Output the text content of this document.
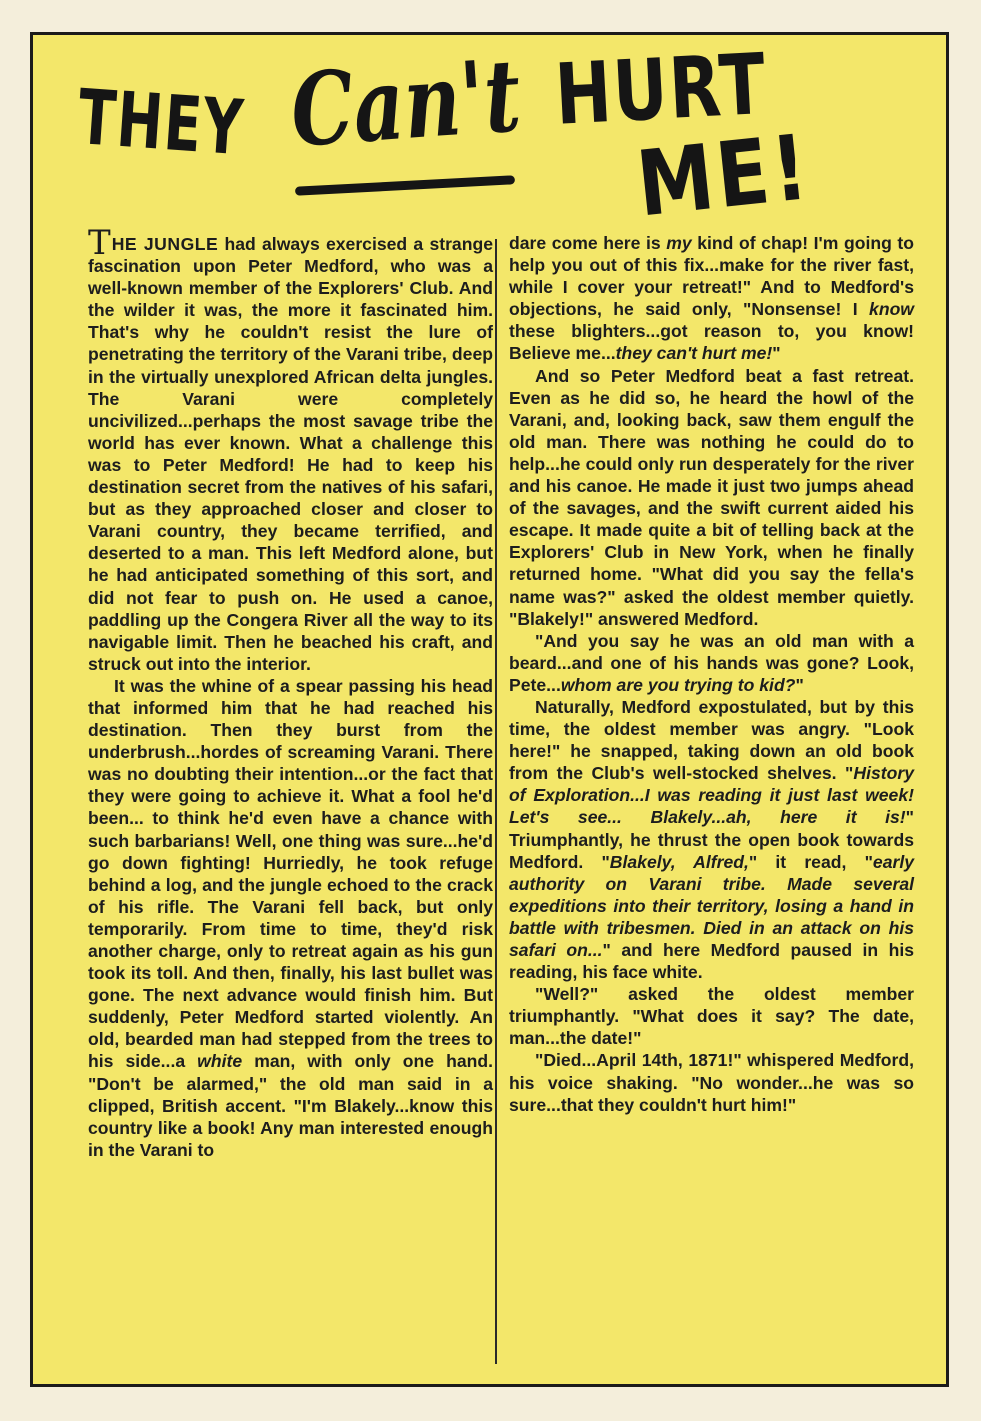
THEY Can't HURT
ME!

THE JUNGLE had always exercised a strange fascination upon Peter Medford, who was a well-known member of the Explorers' Club. And the wilder it was, the more it fascinated him. That's why he couldn't resist the lure of penetrating the territory of the Varani tribe, deep in the virtually unexplored African delta jungles. The Varani were completely uncivilized...perhaps the most savage tribe the world has ever known. What a challenge this was to Peter Medford! He had to keep his destination secret from the natives of his safari, but as they approached closer and closer to Varani country, they became terrified, and deserted to a man. This left Medford alone, but he had anticipated something of this sort, and did not fear to push on. He used a canoe, paddling up the Congera River all the way to its navigable limit. Then he beached his craft, and struck out into the interior.

It was the whine of a spear passing his head that informed him that he had reached his destination. Then they burst from the underbrush...hordes of screaming Varani. There was no doubting their intention...or the fact that they were going to achieve it. What a fool he'd been... to think he'd even have a chance with such barbarians! Well, one thing was sure...he'd go down fighting! Hurriedly, he took refuge behind a log, and the jungle echoed to the crack of his rifle. The Varani fell back, but only temporarily. From time to time, they'd risk another charge, only to retreat again as his gun took its toll. And then, finally, his last bullet was gone. The next advance would finish him. But suddenly, Peter Medford started violently. An old, bearded man had stepped from the trees to his side...a white man, with only one hand. "Don't be alarmed," the old man said in a clipped, British accent. "I'm Blakely...know this country like a book! Any man interested enough in the Varani to

dare come here is my kind of chap! I'm going to help you out of this fix...make for the river fast, while I cover your retreat!" And to Medford's objections, he said only, "Nonsense! I know these blighters...got reason to, you know! Believe me...they can't hurt me!"

And so Peter Medford beat a fast retreat. Even as he did so, he heard the howl of the Varani, and, looking back, saw them engulf the old man. There was nothing he could do to help...he could only run desperately for the river and his canoe. He made it just two jumps ahead of the savages, and the swift current aided his escape. It made quite a bit of telling back at the Explorers' Club in New York, when he finally returned home. "What did you say the fella's name was?" asked the oldest member quietly. "Blakely!" answered Medford.

"And you say he was an old man with a beard...and one of his hands was gone? Look, Pete...whom are you trying to kid?"

Naturally, Medford expostulated, but by this time, the oldest member was angry. "Look here!" he snapped, taking down an old book from the Club's well-stocked shelves. "History of Exploration...I was reading it just last week! Let's see... Blakely...ah, here it is!" Triumphantly, he thrust the open book towards Medford. "Blakely, Alfred," it read, "early authority on Varani tribe. Made several expeditions into their territory, losing a hand in battle with tribesmen. Died in an attack on his safari on..." and here Medford paused in his reading, his face white.

"Well?" asked the oldest member triumphantly. "What does it say? The date, man...the date!"

"Died...April 14th, 1871!" whispered Medford, his voice shaking. "No wonder...he was so sure...that they couldn't hurt him!"
